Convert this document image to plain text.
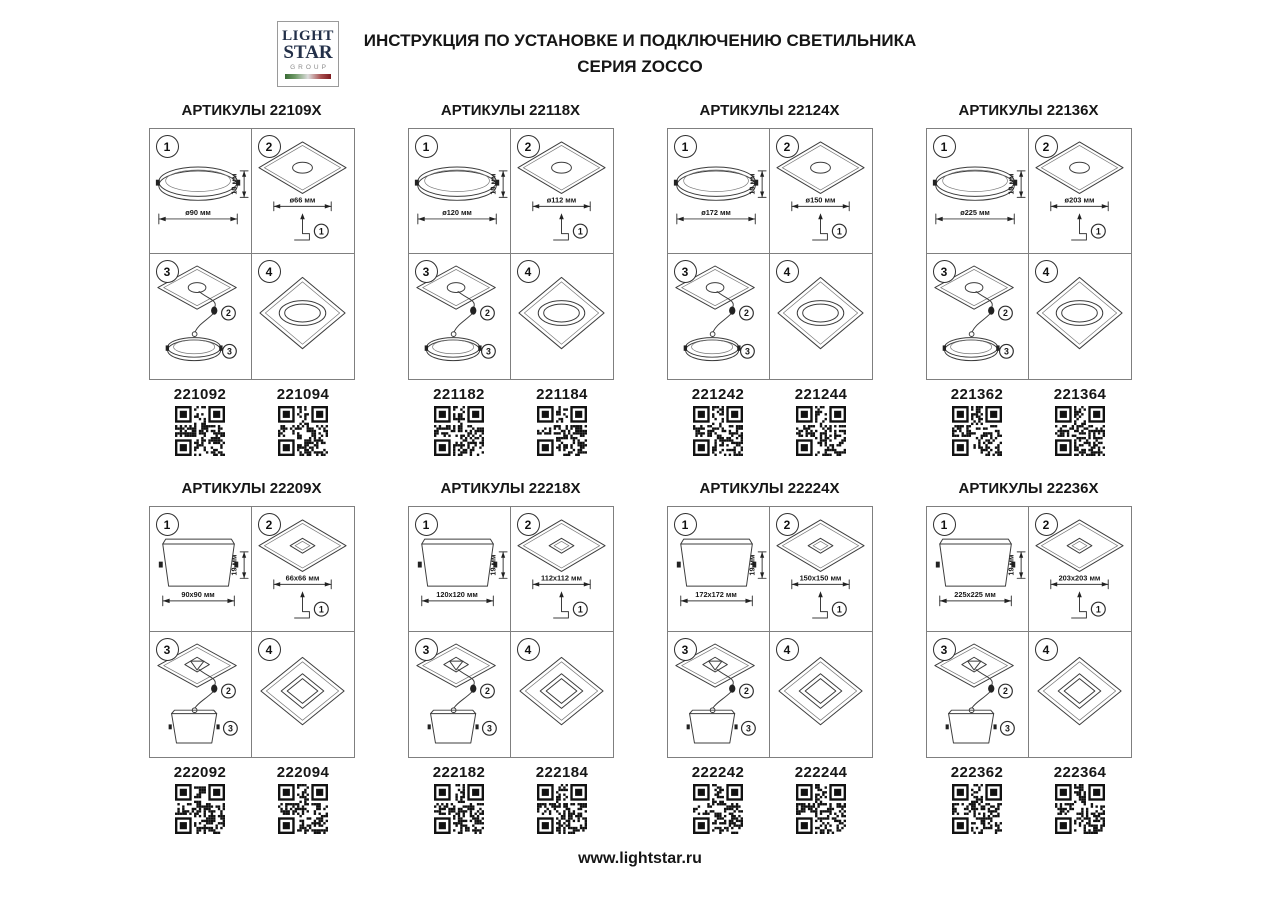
LIGHT
STAR
GROUP
ИНСТРУКЦИЯ ПО УСТАНОВКЕ И ПОДКЛЮЧЕНИЮ СВЕТИЛЬНИКА
СЕРИЯ ZOCCO
АРТИКУЛЫ 22109X
1
19 мм
ø90 мм
2
ø66 мм
1
3
2
3
4
221092	221094
АРТИКУЛЫ 22118X
1
19 мм
ø120 мм
2
ø112 мм
1
3
2
3
4
221182	221184
АРТИКУЛЫ 22124X
1
19 мм
ø172 мм
2
ø150 мм
1
3
2
3
4
221242	221244
АРТИКУЛЫ 22136X
1
19 мм
ø225 мм
2
ø203 мм
1
3
2
3
4
221362	221364
АРТИКУЛЫ 22209X
1
19 мм
90x90 мм
2
66x66 мм
1
3
2
3
4
222092	222094
АРТИКУЛЫ 22218X
1
19 мм
120x120 мм
2
112x112 мм
1
3
2
3
4
222182	222184
АРТИКУЛЫ 22224X
1
19 мм
172x172 мм
2
150x150 мм
1
3
2
3
4
222242	222244
АРТИКУЛЫ 22236X
1
19 мм
225x225 мм
2
203x203 мм
1
3
2
3
4
222362	222364
www.lightstar.ru
